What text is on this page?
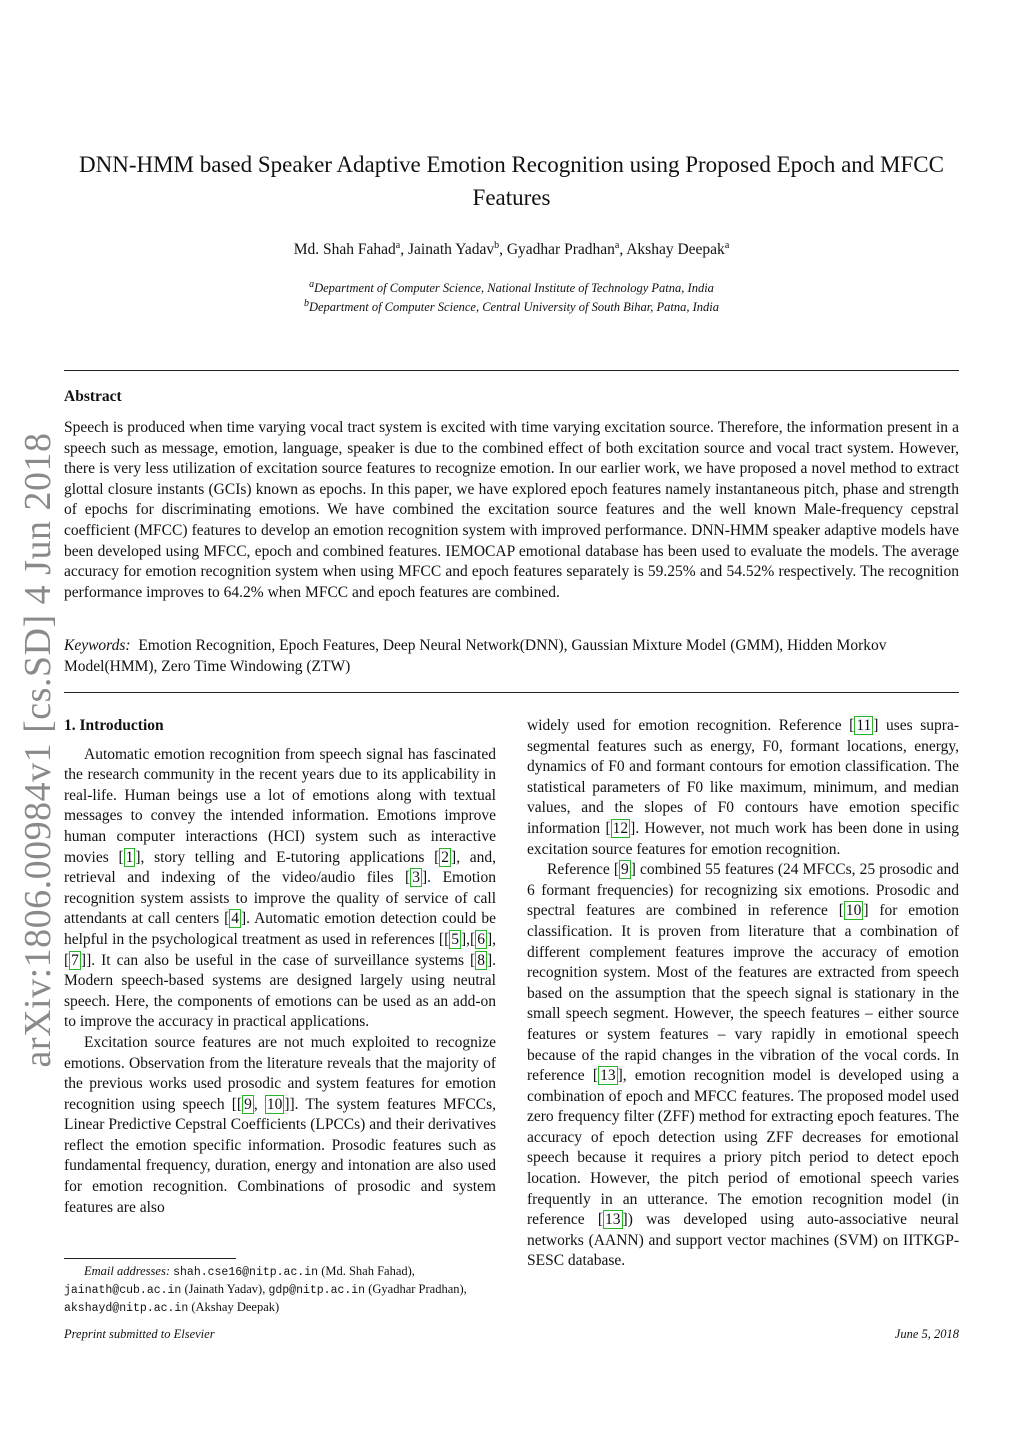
arXiv:1806.00984v1 [cs.SD] 4 Jun 2018
DNN-HMM based Speaker Adaptive Emotion Recognition using Proposed Epoch and MFCC Features
Md. Shah Fahad$^a$, Jainath Yadav$^b$, Gyadhar Pradhan$^a$, Akshay Deepak$^a$
$^a$Department of Computer Science, National Institute of Technology Patna, India
$^b$Department of Computer Science, Central University of South Bihar, Patna, India
Abstract
Speech is produced when time varying vocal tract system is excited with time varying excitation source. Therefore, the information present in a speech such as message, emotion, language, speaker is due to the combined effect of both excitation source and vocal tract system. However, there is very less utilization of excitation source features to recognize emotion. In our earlier work, we have proposed a novel method to extract glottal closure instants (GCIs) known as epochs. In this paper, we have explored epoch features namely instantaneous pitch, phase and strength of epochs for discriminating emotions. We have combined the excitation source features and the well known Male-frequency cepstral coefficient (MFCC) features to develop an emotion recognition system with improved performance. DNN-HMM speaker adaptive models have been developed using MFCC, epoch and combined features. IEMOCAP emotional database has been used to evaluate the models. The average accuracy for emotion recognition system when using MFCC and epoch features separately is 59.25% and 54.52% respectively. The recognition performance improves to 64.2% when MFCC and epoch features are combined.
Keywords: Emotion Recognition, Epoch Features, Deep Neural Network(DNN), Gaussian Mixture Model (GMM), Hidden Morkov Model(HMM), Zero Time Windowing (ZTW)
1. Introduction

Automatic emotion recognition from speech signal has fascinated the research community in the recent years due to its applicability in real-life. Human beings use a lot of emotions along with textual messages to convey the intended information. Emotions improve human computer interactions (HCI) system such as interactive movies [ 1 ], story telling and E-tutoring applications [ 2 ], and, retrieval and indexing of the video/audio files [ 3 ]. Emotion recognition system assists to improve the quality of service of call attendants at call centers [ 4 ]. Automatic emotion detection could be helpful in the psychological treatment as used in references [[ 5 ],[ 6 ],[ 7 ]]. It can also be useful in the case of surveillance systems [ 8 ]. Modern speech-based systems are designed largely using neutral speech. Here, the components of emotions can be used as an add-on to improve the accuracy in practical applications.

Excitation source features are not much exploited to recognize emotions. Observation from the literature reveals that the majority of the previous works used prosodic and system features for emotion recognition using speech [[ 9 , 10 ]]. The system features MFCCs, Linear Predictive Cepstral Coefficients (LPCCs) and their derivatives reflect the emotion specific information. Prosodic features such as fundamental frequency, duration, energy and intonation are also used for emotion recognition. Combinations of prosodic and system features are also

widely used for emotion recognition. Reference [ 11 ] uses supra-segmental features such as energy, F0, formant locations, energy, dynamics of F0 and formant contours for emotion classification. The statistical parameters of F0 like maximum, minimum, and median values, and the slopes of F0 contours have emotion specific information [ 12 ]. However, not much work has been done in using excitation source features for emotion recognition.

Reference [ 9 ] combined 55 features (24 MFCCs, 25 prosodic and 6 formant frequencies) for recognizing six emotions. Prosodic and spectral features are combined in reference [ 10 ] for emotion classification. It is proven from literature that a combination of different complement features improve the accuracy of emotion recognition system. Most of the features are extracted from speech based on the assumption that the speech signal is stationary in the small speech segment. However, the speech features – either source features or system features – vary rapidly in emotional speech because of the rapid changes in the vibration of the vocal cords. In reference [ 13 ], emotion recognition model is developed using a combination of epoch and MFCC features. The proposed model used zero frequency filter (ZFF) method for extracting epoch features. The accuracy of epoch detection using ZFF decreases for emotional speech because it requires a priory pitch period to detect epoch location. However, the pitch period of emotional speech varies frequently in an utterance. The emotion recognition model (in reference [ 13 ]) was developed using auto-associative neural networks (AANN) and support vector machines (SVM) on IITKGP-SESC database.

Email addresses: shah.cse16@nitp.ac.in (Md. Shah Fahad), jainath@cub.ac.in (Jainath Yadav), gdp@nitp.ac.in (Gyadhar Pradhan), akshayd@nitp.ac.in (Akshay Deepak)
Preprint submitted to Elsevier	June 5, 2018
